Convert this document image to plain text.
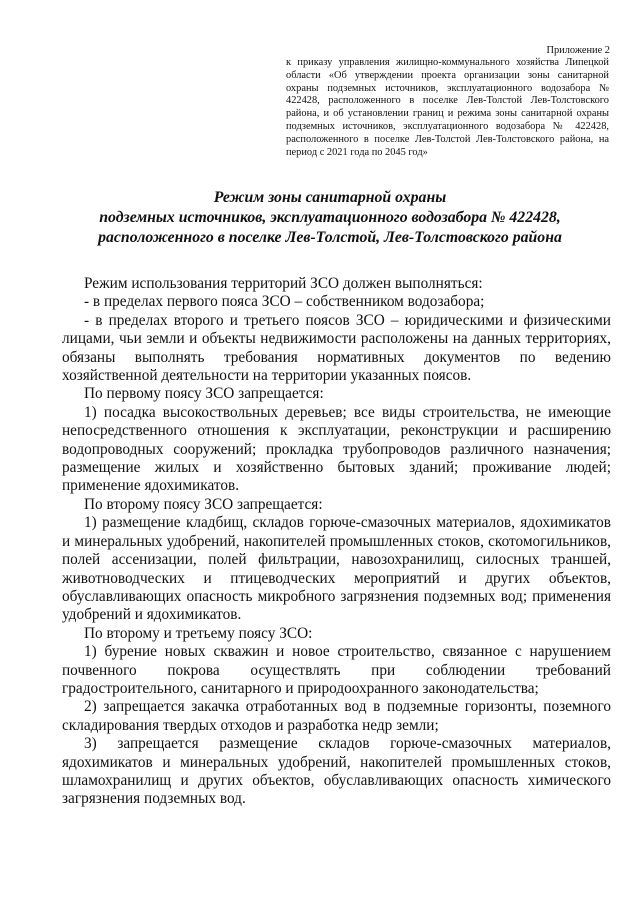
Приложение 2
к приказу управления жилищно-коммунального хозяйства Липецкой области «Об утверждении проекта организации зоны санитарной охраны подземных источников, эксплуатационного водозабора № 422428, расположенного в поселке Лев-Толстой Лев-Толстовского района, и об установлении границ и режима зоны санитарной охраны подземных источников, эксплуатационного водозабора № 422428, расположенного в поселке Лев-Толстой Лев-Толстовского района, на период с 2021 года по 2045 год»
Режим зоны санитарной охраны
подземных источников, эксплуатационного водозабора № 422428,
расположенного в поселке Лев-Толстой, Лев-Толстовского района

Режим использования территорий ЗСО должен выполняться:

- в пределах первого пояса ЗСО – собственником водозабора;

- в пределах второго и третьего поясов ЗСО – юридическими и физическими лицами, чьи земли и объекты недвижимости расположены на данных территориях, обязаны выполнять требования нормативных документов по ведению хозяйственной деятельности на территории указанных поясов.

По первому поясу ЗСО запрещается:

1) посадка высокоствольных деревьев; все виды строительства, не имеющие непосредственного отношения к эксплуатации, реконструкции и расширению водопроводных сооружений; прокладка трубопроводов различного назначения; размещение жилых и хозяйственно бытовых зданий; проживание людей; применение ядохимикатов.

По второму поясу ЗСО запрещается:

1) размещение кладбищ, складов горюче-смазочных материалов, ядохимикатов и минеральных удобрений, накопителей промышленных стоков, скотомогильников, полей ассенизации, полей фильтрации, навозохранилищ, силосных траншей, животноводческих и птицеводческих мероприятий и других объектов, обуславливающих опасность микробного загрязнения подземных вод; применения удобрений и ядохимикатов.

По второму и третьему поясу ЗСО:

1) бурение новых скважин и новое строительство, связанное с нарушением почвенного покрова осуществлять при соблюдении требований градостроительного, санитарного и природоохранного законодательства;

2) запрещается закачка отработанных вод в подземные горизонты, поземного складирования твердых отходов и разработка недр земли;

3) запрещается размещение складов горюче-смазочных материалов, ядохимикатов и минеральных удобрений, накопителей промышленных стоков, шламохранилищ и других объектов, обуславливающих опасность химического загрязнения подземных вод.
